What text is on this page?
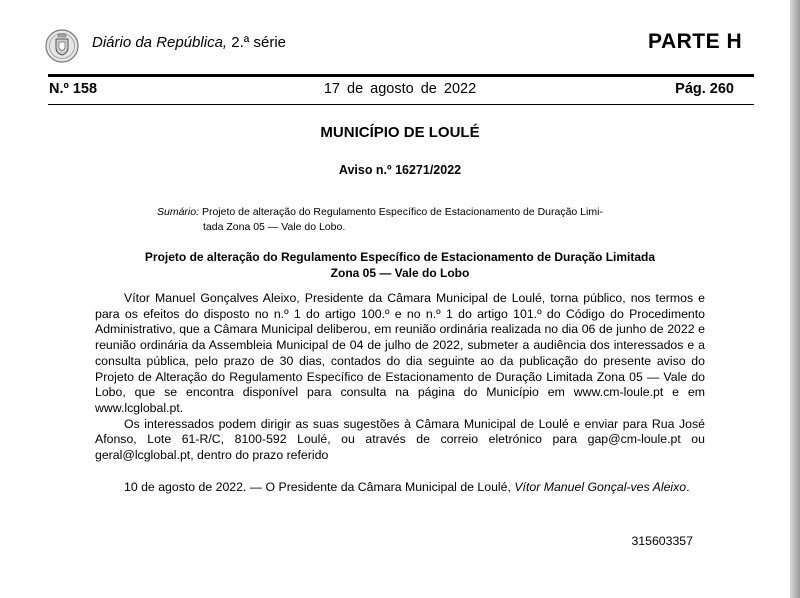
Diário da República, 2.ª série	PARTE H
N.º 158	17 de agosto de 2022	Pág. 260
MUNICÍPIO DE LOULÉ
Aviso n.º 16271/2022
Sumário: Projeto de alteração do Regulamento Específico de Estacionamento de Duração Limi-
tada Zona 05 — Vale do Lobo.
Projeto de alteração do Regulamento Específico de Estacionamento de Duração Limitada
Zona 05 — Vale do Lobo

Vítor Manuel Gonçalves Aleixo, Presidente da Câmara Municipal de Loulé, torna público, nos termos e para os efeitos do disposto no n.º 1 do artigo 100.º e no n.º 1 do artigo 101.º do Código do Procedimento Administrativo, que a Câmara Municipal deliberou, em reunião ordinária realizada no dia 06 de junho de 2022 e reunião ordinária da Assembleia Municipal de 04 de julho de 2022, submeter a audiência dos interessados e a consulta pública, pelo prazo de 30 dias, contados do dia seguinte ao da publicação do presente aviso do Projeto de Alteração do Regulamento Específico de Estacionamento de Duração Limitada Zona 05 — Vale do Lobo, que se encontra disponível para consulta na página do Município em www.cm-loule.pt e em www.lcglobal.pt.

Os interessados podem dirigir as suas sugestões à Câmara Municipal de Loulé e enviar para Rua José Afonso, Lote 61-R/C, 8100-592 Loulé, ou através de correio eletrónico para gap@cm-loule.pt ou geral@lcglobal.pt, dentro do prazo referido

10 de agosto de 2022. — O Presidente da Câmara Municipal de Loulé, Vítor Manuel Gonçal-ves Aleixo.

315603357
